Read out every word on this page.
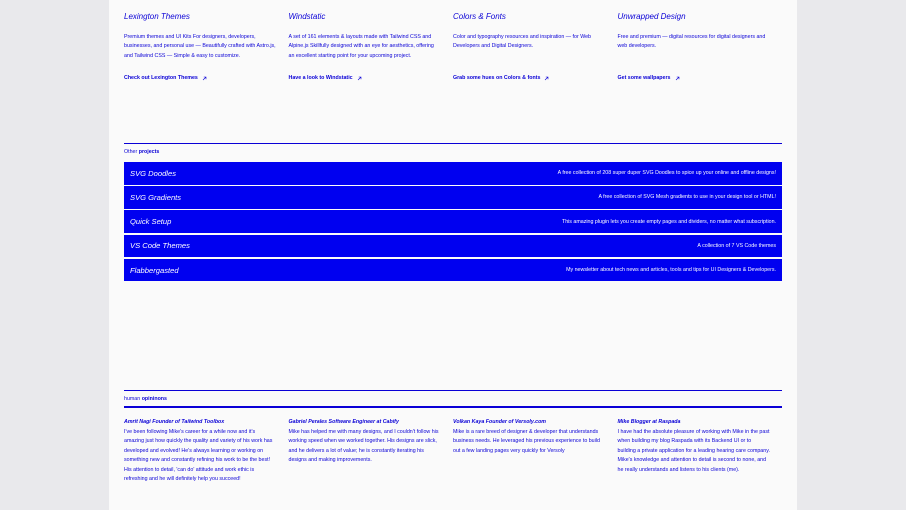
Lexington Themes
Premium themes and UI Kits For designers, developers, businesses, and personal use — Beautifully crafted with Astro.js, and Tailwind CSS — Simple & easy to customize.
Check out Lexington Themes
Windstatic
A set of 161 elements & layouts made with Tailwind CSS and Alpine.js Skillfully designed with an eye for aesthetics, offering an excellent starting point for your upcoming project.
Have a look to Windstatic
Colors & Fonts
Color and typography resources and inspiration — for Web Developers and Digital Designers.
Grab some hues on Colors & fonts
Unwrapped Design
Free and premium — digital resources for digital designers and web developers.
Get some wallpapers
Other projects
SVG Doodles	A free collection of 208 super duper SVG Doodles to spice up your online and offline designs!
SVG Gradients	A free collection of SVG Mesh gradients to use in your design tool or HTML!
Quick Setup	This amazing plugin lets you create empty pages and dividers, no matter what subscription.
VS Code Themes	A collection of 7 VS Code themes
Flabbergasted	My newsletter about tech news and articles, tools and tips for UI Designers & Developers.
human opininons
Amrit Nagi Founder of Tailwind Toolbox
I've been following Mike's career for a while now and it's amazing just how quickly the quality and variety of his work has developed and evolved! He's always learning or working on something new and constantly refining his work to be the best! His attention to detail, 'can do' attitude and work ethic is refreshing and he will definitely help you succeed!
Gabriel Perales Software Engineer at Cabify
Mike has helped me with many designs, and I couldn't follow his working speed when we worked together. His designs are slick, and he delivers a lot of value; he is constantly iterating his designs and making improvements.
Volkan Kaya Founder of Versoly.com
Mike is a rare breed of designer & developer that understands business needs. He leveraged his previous experience to build out a few landing pages very quickly for Versoly
Mike Blogger at Raspada
I have had the absolute pleasure of working with Mike in the past when building my blog Raspada with its Backend UI or to building a private application for a leading hearing care company. Mike's knowledge and attention to detail is second to none, and he really understands and listens to his clients (me).
